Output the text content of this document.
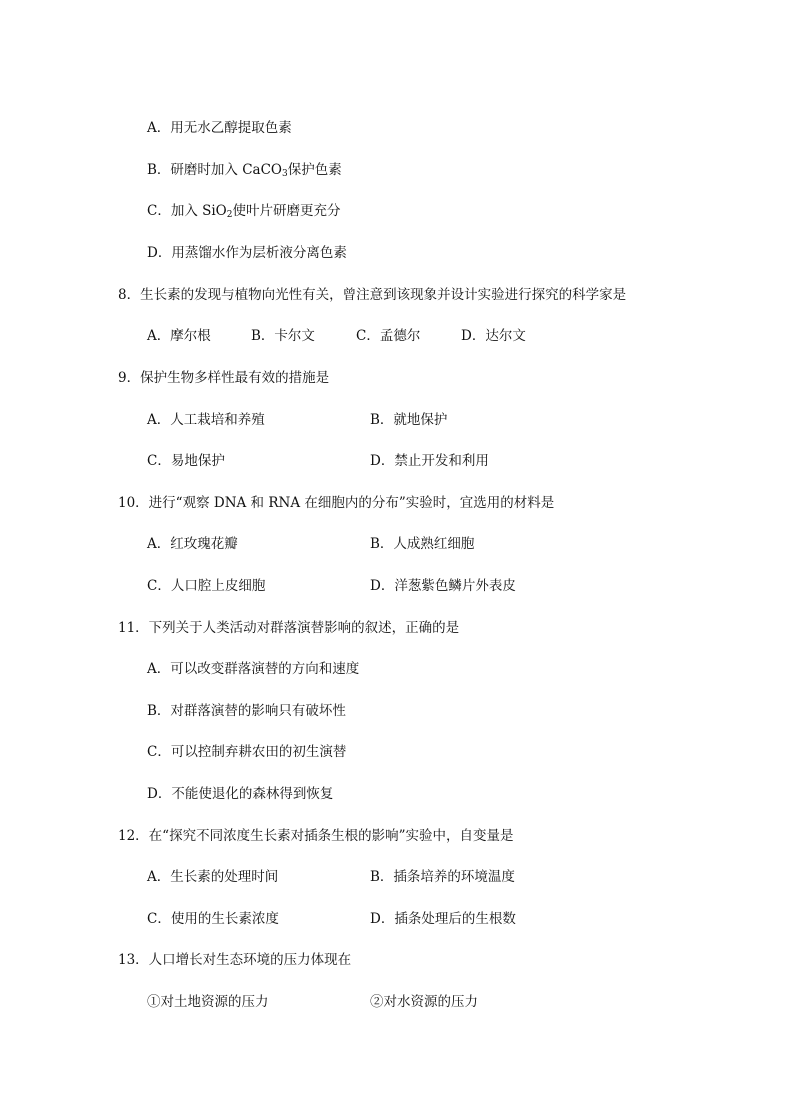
A．用无水乙醇提取色素
B．研磨时加入 CaCO$_3$保护色素
C．加入 SiO$_2$使叶片研磨更充分
D．用蒸馏水作为层析液分离色素
8．生长素的发现与植物向光性有关，曾注意到该现象并设计实验进行探究的科学家是
A．摩尔根	B．卡尔文	C．孟德尔	D．达尔文
9．保护生物多样性最有效的措施是
A．人工栽培和养殖	B．就地保护
C．易地保护	D．禁止开发和利用
10．进行“观察 DNA 和 RNA 在细胞内的分布”实验时，宜选用的材料是
A．红玫瑰花瓣	B．人成熟红细胞
C．人口腔上皮细胞	D．洋葱紫色鳞片外表皮
11．下列关于人类活动对群落演替影响的叙述，正确的是
A．可以改变群落演替的方向和速度
B．对群落演替的影响只有破坏性
C．可以控制弃耕农田的初生演替
D．不能使退化的森林得到恢复
12．在“探究不同浓度生长素对插条生根的影响”实验中，自变量是
A．生长素的处理时间	B．插条培养的环境温度
C．使用的生长素浓度	D．插条处理后的生根数
13．人口增长对生态环境的压力体现在
①对土地资源的压力	②对水资源的压力
